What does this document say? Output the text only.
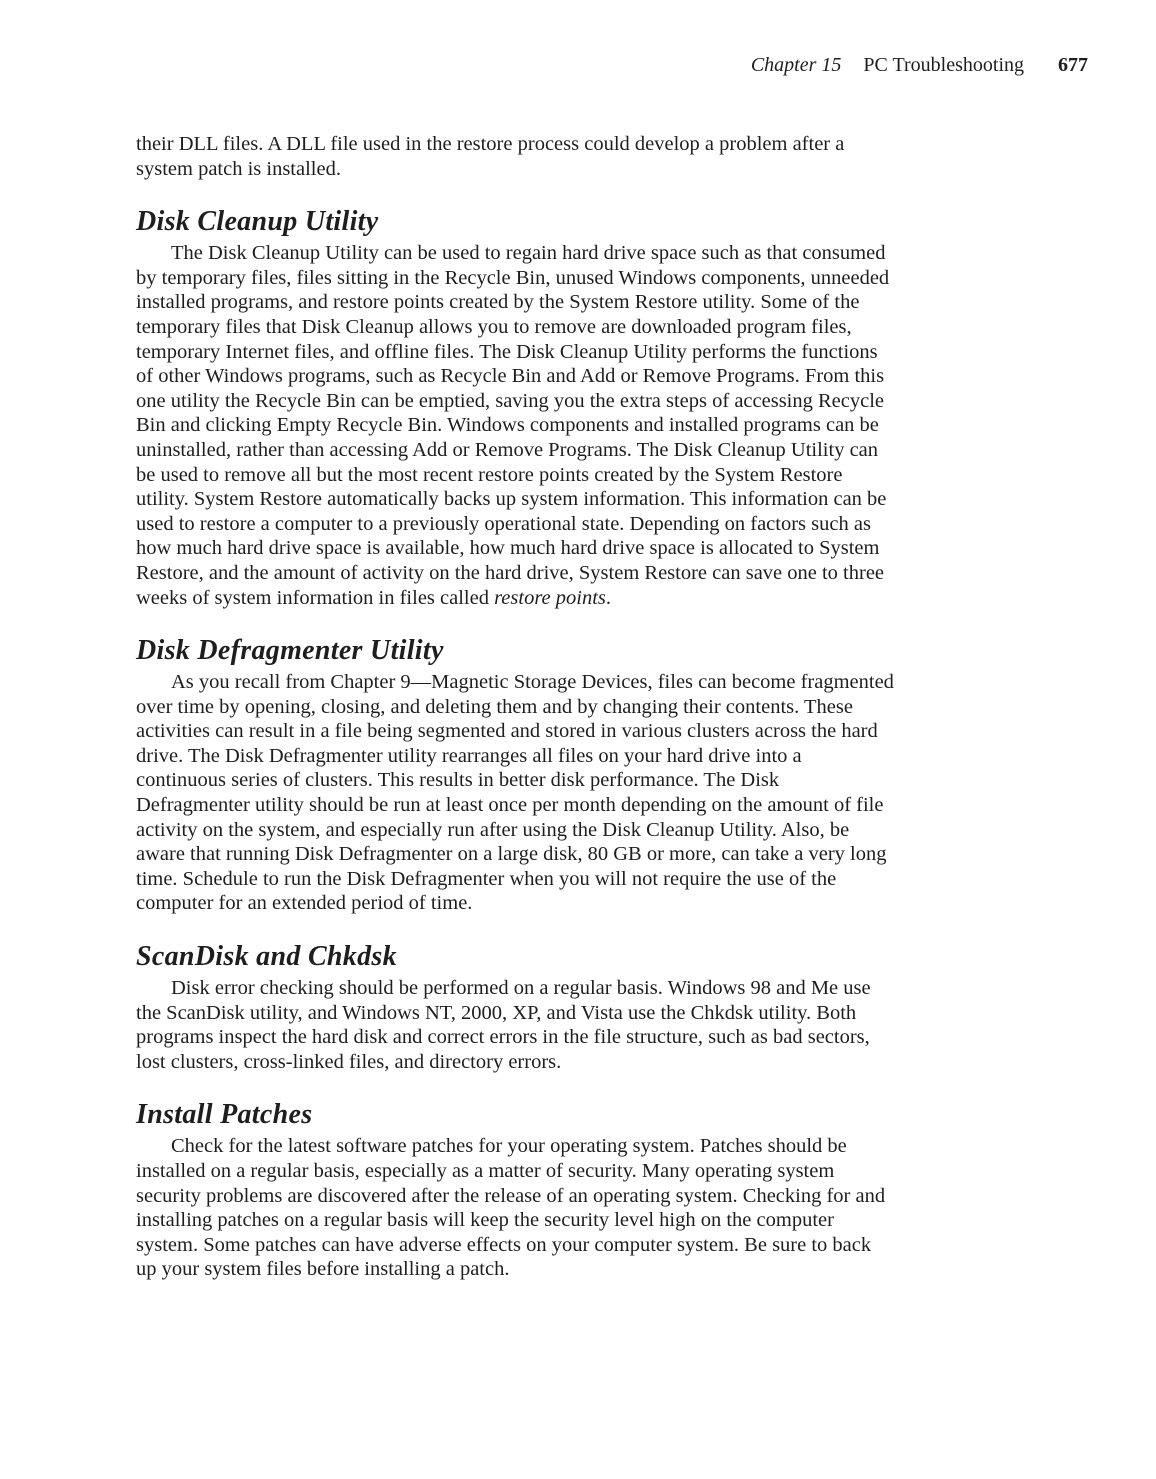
Chapter 15 PC Troubleshooting 677

their DLL files. A DLL file used in the restore process could develop a problem after a system patch is installed.

Disk Cleanup Utility

The Disk Cleanup Utility can be used to regain hard drive space such as that consumed by temporary files, files sitting in the Recycle Bin, unused Windows components, unneeded installed programs, and restore points created by the System Restore utility. Some of the temporary files that Disk Cleanup allows you to remove are downloaded program files, temporary Internet files, and offline files. The Disk Cleanup Utility performs the functions of other Windows programs, such as Recycle Bin and Add or Remove Programs. From this one utility the Recycle Bin can be emptied, saving you the extra steps of accessing Recycle Bin and clicking Empty Recycle Bin. Windows components and installed programs can be uninstalled, rather than accessing Add or Remove Programs. The Disk Cleanup Utility can be used to remove all but the most recent restore points created by the System Restore utility. System Restore automatically backs up system information. This information can be used to restore a computer to a previously operational state. Depending on factors such as how much hard drive space is available, how much hard drive space is allocated to System Restore, and the amount of activity on the hard drive, System Restore can save one to three weeks of system information in files called restore points.

Disk Defragmenter Utility

As you recall from Chapter 9—Magnetic Storage Devices, files can become fragmented over time by opening, closing, and deleting them and by changing their contents. These activities can result in a file being segmented and stored in various clusters across the hard drive. The Disk Defragmenter utility rearranges all files on your hard drive into a continuous series of clusters. This results in better disk performance. The Disk Defragmenter utility should be run at least once per month depending on the amount of file activity on the system, and especially run after using the Disk Cleanup Utility. Also, be aware that running Disk Defragmenter on a large disk, 80 GB or more, can take a very long time. Schedule to run the Disk Defragmenter when you will not require the use of the computer for an extended period of time.

ScanDisk and Chkdsk

Disk error checking should be performed on a regular basis. Windows 98 and Me use the ScanDisk utility, and Windows NT, 2000, XP, and Vista use the Chkdsk utility. Both programs inspect the hard disk and correct errors in the file structure, such as bad sectors, lost clusters, cross-linked files, and directory errors.

Install Patches

Check for the latest software patches for your operating system. Patches should be installed on a regular basis, especially as a matter of security. Many operating system security problems are discovered after the release of an operating system. Checking for and installing patches on a regular basis will keep the security level high on the computer system. Some patches can have adverse effects on your computer system. Be sure to back up your system files before installing a patch.
